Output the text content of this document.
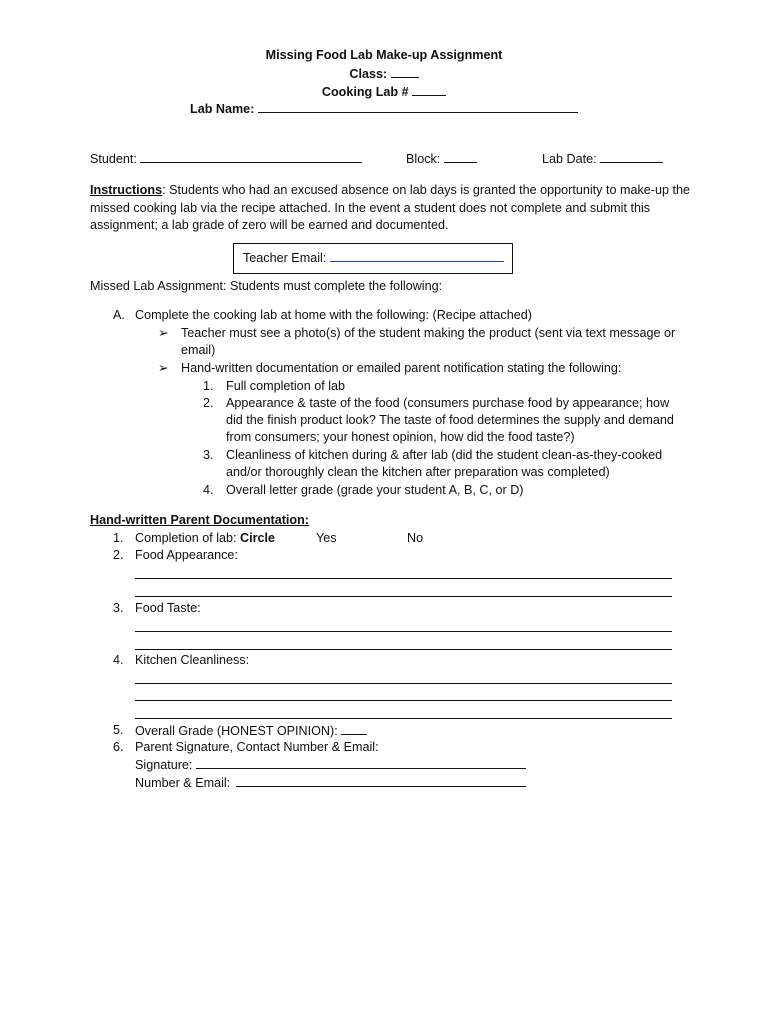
Missing Food Lab Make-up Assignment
Class:
Cooking Lab #
Lab Name:
Student:	Block:	Lab Date:
Instructions: Students who had an excused absence on lab days is granted the opportunity to make-up the missed cooking lab via the recipe attached. In the event a student does not complete and submit this assignment; a lab grade of zero will be earned and documented.
Teacher Email:
Missed Lab Assignment: Students must complete the following:
A. Complete the cooking lab at home with the following: (Recipe attached)
➢ Teacher must see a photo(s) of the student making the product (sent via text message or email)
➢ Hand-written documentation or emailed parent notification stating the following:
1. Full completion of lab
2. Appearance & taste of the food (consumers purchase food by appearance; how did the finish product look? The taste of food determines the supply and demand from consumers; your honest opinion, how did the food taste?)
3. Cleanliness of kitchen during & after lab (did the student clean-as-they-cooked and/or thoroughly clean the kitchen after preparation was completed)
4. Overall letter grade (grade your student A, B, C, or D)
Hand-written Parent Documentation:
1. Completion of lab: Circle	Yes	No
2. Food Appearance:
3. Food Taste:
4. Kitchen Cleanliness:
5. Overall Grade (HONEST OPINION):
6. Parent Signature, Contact Number & Email:
Signature:
Number & Email:
